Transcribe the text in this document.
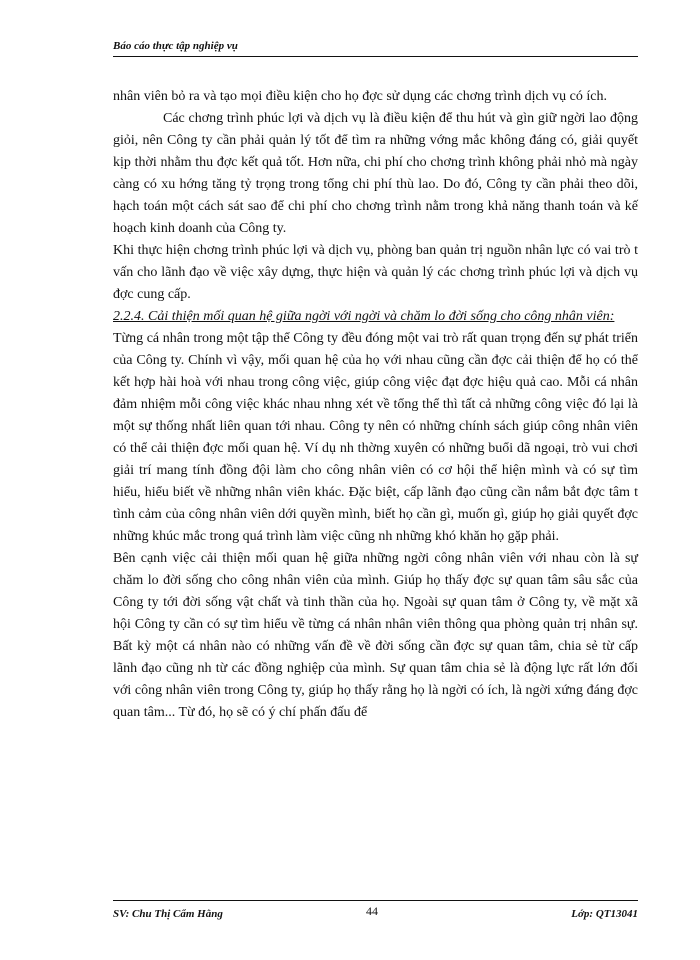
Báo cáo thực tập nghiệp vụ

nhân viên bỏ ra và tạo mọi điều kiện cho họ đợc sử dụng các chơng trình dịch vụ có ích.

Các chơng trình phúc lợi và dịch vụ là điều kiện để thu hút và gìn giữ ngời lao động giỏi, nên Công ty cần phải quản lý tốt để tìm ra những vớng mắc không đáng có, giải quyết kịp thời nhằm thu đợc kết quả tốt. Hơn nữa, chi phí cho chơng trình không phải nhỏ mà ngày càng có xu hớng tăng tỷ trọng trong tổng chi phí thù lao. Do đó, Công ty cần phải theo dõi, hạch toán một cách sát sao để chi phí cho chơng trình nằm trong khả năng thanh toán và kế hoạch kinh doanh của Công ty.

Khi thực hiện chơng trình phúc lợi và dịch vụ, phòng ban quản trị nguồn nhân lực có vai trò t vấn cho lãnh đạo về việc xây dựng, thực hiện và quản lý các chơng trình phúc lợi và dịch vụ đợc cung cấp.

2.2.4. Cải thiện mối quan hệ giữa ngời với ngời và chăm lo đời sống cho công nhân viên:

Từng cá nhân trong một tập thể Công ty đều đóng một vai trò rất quan trọng đến sự phát triển của Công ty. Chính vì vậy, mối quan hệ của họ với nhau cũng cần đợc cải thiện để họ có thể kết hợp hài hoà với nhau trong công việc, giúp công việc đạt đợc hiệu quả cao. Mỗi cá nhân đảm nhiệm mỗi công việc khác nhau nhng xét về tổng thể thì tất cả những công việc đó lại là một sự thống nhất liên quan tới nhau. Công ty nên có những chính sách giúp công nhân viên có thể cải thiện đợc mối quan hệ. Ví dụ nh thờng xuyên có những buổi dã ngoại, trò vui chơi giải trí mang tính đồng đội làm cho công nhân viên có cơ hội thể hiện mình và có sự tìm hiểu, hiểu biết về những nhân viên khác. Đặc biệt, cấp lãnh đạo cũng cần nắm bắt đợc tâm t tình cảm của công nhân viên dới quyền mình, biết họ cần gì, muốn gì, giúp họ giải quyết đợc những khúc mắc trong quá trình làm việc cũng nh những khó khăn họ gặp phải.

Bên cạnh việc cải thiện mối quan hệ giữa những ngời công nhân viên với nhau còn là sự chăm lo đời sống cho công nhân viên của mình. Giúp họ thấy đợc sự quan tâm sâu sắc của Công ty tới đời sống vật chất và tinh thần của họ. Ngoài sự quan tâm ở Công ty, về mặt xã hội Công ty cần có sự tìm hiểu về từng cá nhân nhân viên thông qua phòng quản trị nhân sự. Bất kỳ một cá nhân nào có những vấn đề về đời sống cần đợc sự quan tâm, chia sẻ từ cấp lãnh đạo cũng nh từ các đồng nghiệp của mình. Sự quan tâm chia sẻ là động lực rất lớn đối với công nhân viên trong Công ty, giúp họ thấy rằng họ là ngời có ích, là ngời xứng đáng đợc quan tâm... Từ đó, họ sẽ có ý chí phấn đấu để

SV: Chu Thị Cẩm Hằng	44	Lớp: QT13041
